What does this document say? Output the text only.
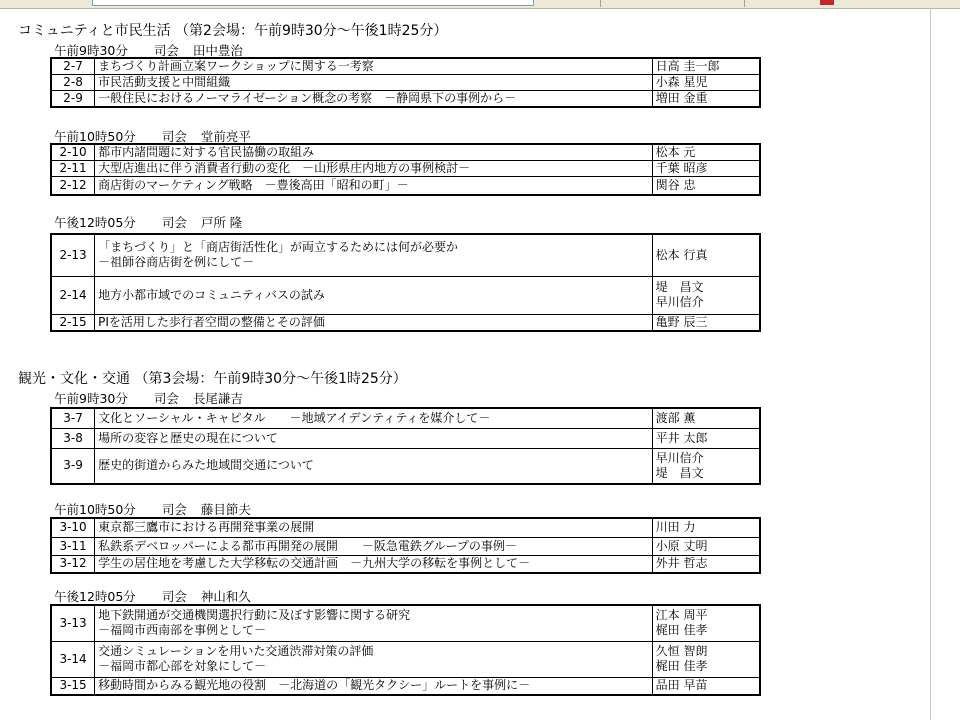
コミュニティと市民生活 （第2会場：午前9時30分～午後1時25分）
午前9時30分 司会 田中豊治
2-7	まちづくり計画立案ワークショップに関する一考察	日高 圭一郎

2-8	市民活動支援と中間組織	小森 星児

2-9	一般住民におけるノーマライゼーション概念の考察　－静岡県下の事例から－	増田 金重
午前10時50分 司会 堂前亮平
2-10	都市内諸問題に対する官民協働の取組み	松本 元

2-11	大型店進出に伴う消費者行動の変化　－山形県庄内地方の事例検討－	千葉 昭彦

2-12	商店街のマーケティング戦略　－豊後高田「昭和の町」－	関谷 忠
午後12時05分 司会 戸所 隆
2-13	「まちづくり」と「商店街活性化」が両立するためには何が必要か
－祖師谷商店街を例にして－	松本 行真

2-14	地方小都市域でのコミュニティバスの試み	堤　昌文
早川信介

2-15	PIを活用した歩行者空間の整備とその評価	亀野 辰三
観光・文化・交通 （第3会場：午前9時30分～午後1時25分）
午前9時30分 司会 長尾謙吉
3-7	文化とソーシャル・キャピタル　　－地域アイデンティティを媒介して－	渡部 薫

3-8	場所の変容と歴史の現在について	平井 太郎

3-9	歴史的街道からみた地域間交通について	早川信介
堤　昌文
午前10時50分 司会 藤目節夫
3-10	東京都三鷹市における再開発事業の展開	川田 力

3-11	私鉄系デベロッパーによる都市再開発の展開　　－阪急電鉄グループの事例－	小原 丈明

3-12	学生の居住地を考慮した大学移転の交通計画　－九州大学の移転を事例として－	外井 哲志
午後12時05分 司会 神山和久
3-13	地下鉄開通が交通機関選択行動に及ぼす影響に関する研究
－福岡市西南部を事例として－	江本 周平
梶田 佳孝

3-14	交通シミュレーションを用いた交通渋滞対策の評価
－福岡市都心部を対象にして－	久恒 智朗
梶田 佳孝

3-15	移動時間からみる観光地の役割　－北海道の「観光タクシー」ルートを事例に－	品田 早苗
